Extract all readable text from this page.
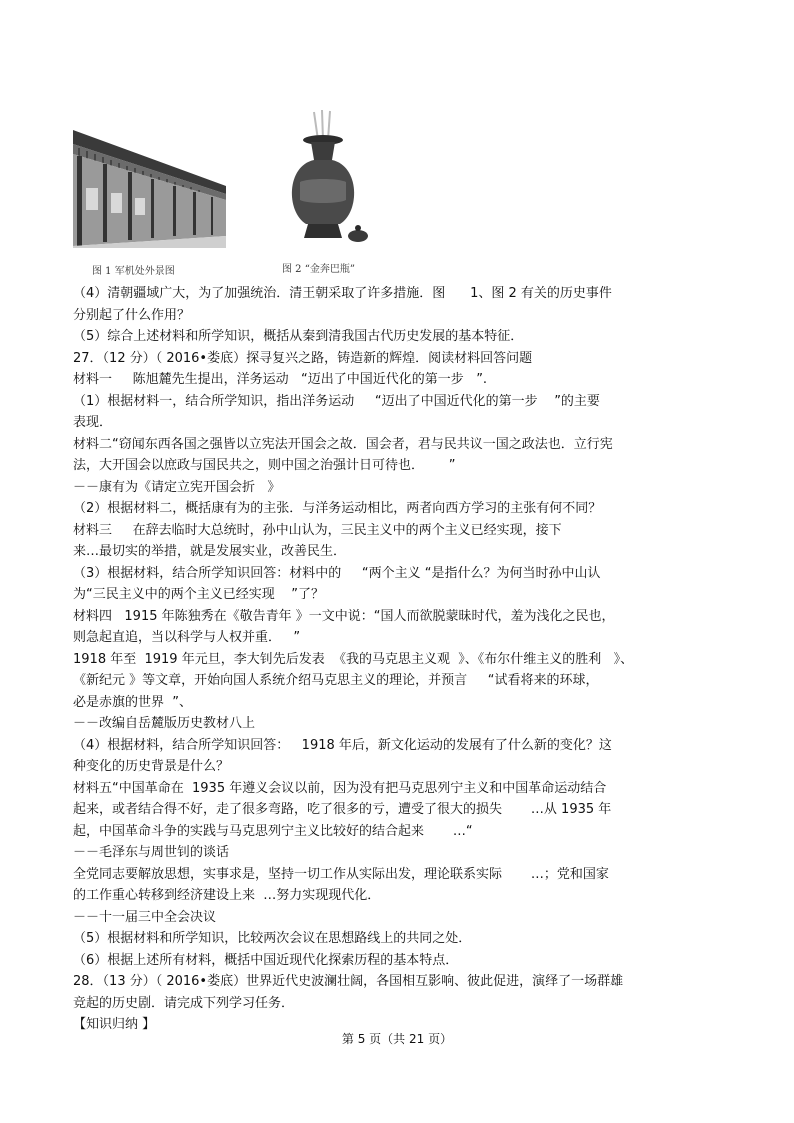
图 1 军机处外景图	图 2 “金奔巴瓶”
（4）清朝疆域广大，为了加强统治．清王朝采取了许多措施．图      1、图 2 有关的历史事件
分别起了什么作用？
（5）综合上述材料和所学知识，概括从秦到清我国古代历史发展的基本特征．
27．（12 分）（ 2016•娄底）探寻复兴之路，铸造新的辉煌．阅读材料回答问题
材料一     陈旭麓先生提出，洋务运动   “迈出了中国近代化的第一步   ”.
（1）根据材料一，结合所学知识，指出洋务运动     “迈出了中国近代化的第一步    ”的主要
表现．
材料二“窃闻东西各国之强皆以立宪法开国会之故．国会者，君与民共议一国之政法也．立行宪
法，大开国会以庶政与国民共之，则中国之治强计日可待也．      ”
－－康有为《请定立宪开国会折   》
（2）根据材料二，概括康有为的主张．与洋务运动相比，两者向西方学习的主张有何不同？
材料三     在辞去临时大总统时，孙中山认为，三民主义中的两个主义已经实现，接下
来…最切实的举措，就是发展实业，改善民生．
（3）根据材料，结合所学知识回答：材料中的     “两个主义 “是指什么？为何当时孙中山认
为“三民主义中的两个主义已经实现    ”了？
材料四   1915 年陈独秀在《敬告青年 》一文中说：“国人而欲脱蒙昧时代，羞为浅化之民也，
则急起直追，当以科学与人权并重．   ”
1918 年至  1919 年元旦，李大钊先后发表  《我的马克思主义观  》、《布尔什维主义的胜利   》、
《新纪元 》等文章，开始向国人系统介绍马克思主义的理论，并预言     “试看将来的环球，
必是赤旗的世界  ”、
－－改编自岳麓版历史教材八上
（4）根据材料，结合所学知识回答：   1918 年后，新文化运动的发展有了什么新的变化？这
种变化的历史背景是什么？
材料五“中国革命在  1935 年遵义会议以前，因为没有把马克思列宁主义和中国革命运动结合
起来，或者结合得不好，走了很多弯路，吃了很多的亏，遭受了很大的损失       …从 1935 年
起，中国革命斗争的实践与马克思列宁主义比较好的结合起来       …“
－－毛泽东与周世钊的谈话
全党同志要解放思想，实事求是，坚持一切工作从实际出发，理论联系实际       …；党和国家
的工作重心转移到经济建设上来  …努力实现现代化．
－－十一届三中全会决议
（5）根据材料和所学知识，比较两次会议在思想路线上的共同之处．
（6）根据上述所有材料，概括中国近现代化探索历程的基本特点．
28．（13 分）（ 2016•娄底）世界近代史波澜壮阔，各国相互影响、彼此促进，演绎了一场群雄
竞起的历史剧．请完成下列学习任务．
【知识归纳 】
第 5 页（共 21 页）
